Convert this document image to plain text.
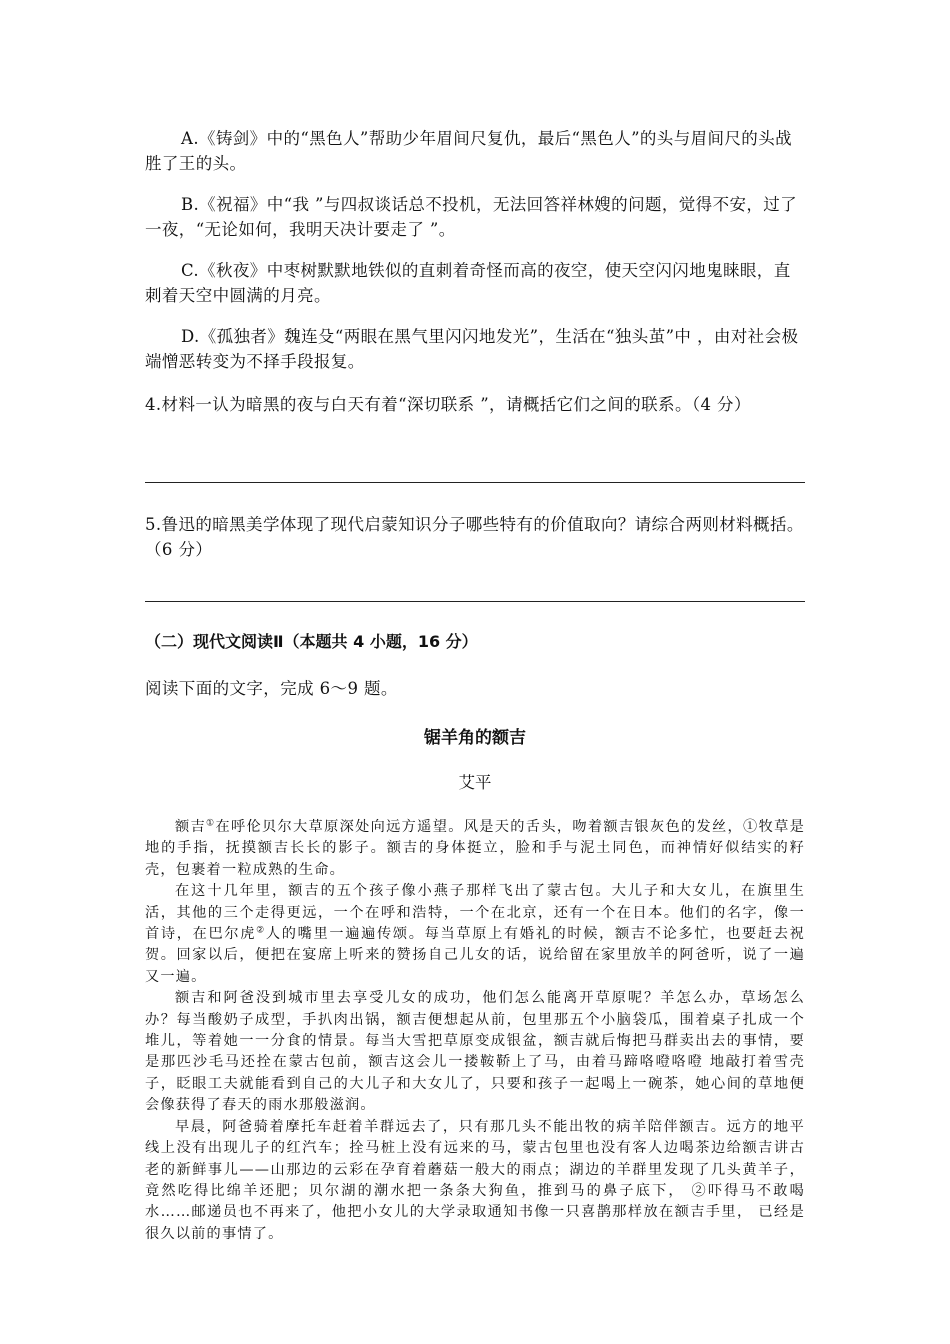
A.《铸剑》中的“黑色人”帮助少年眉间尺复仇，最后“黑色人”的头与眉间尺的头战胜了王的头。
B.《祝福》中“我 ”与四叔谈话总不投机，无法回答祥林嫂的问题，觉得不安，过了一夜，“无论如何，我明天决计要走了 ”。
C.《秋夜》中枣树默默地铁似的直刺着奇怪而高的夜空，使天空闪闪地鬼睐眼，直刺着天空中圆满的月亮。
D.《孤独者》魏连殳“两眼在黑气里闪闪地发光”，生活在“独头茧”中 ，由对社会极端憎恶转变为不择手段报复。
4.材料一认为暗黑的夜与白天有着“深切联系 ”，请概括它们之间的联系。（4 分）
5.鲁迅的暗黑美学体现了现代启蒙知识分子哪些特有的价值取向？请综合两则材料概括。（6 分）
（二）现代文阅读Ⅱ（本题共 4 小题，16 分）
阅读下面的文字，完成 6～9 题。
锯羊角的额吉
艾平

额吉①在呼伦贝尔大草原深处向远方遥望。风是天的舌头，吻着额吉银灰色的发丝，①牧草是地的手指，抚摸额吉长长的影子。额吉的身体挺立，脸和手与泥土同色，而神情好似结实的籽壳，包裹着一粒成熟的生命。

在这十几年里，额吉的五个孩子像小燕子那样飞出了蒙古包。大儿子和大女儿，在旗里生活，其他的三个走得更远，一个在呼和浩特，一个在北京，还有一个在日本。他们的名字，像一首诗，在巴尔虎②人的嘴里一遍遍传颂。每当草原上有婚礼的时候，额吉不论多忙，也要赶去祝贺。回家以后，便把在宴席上听来的赞扬自己儿女的话，说给留在家里放羊的阿爸听，说了一遍又一遍。

额吉和阿爸没到城市里去享受儿女的成功，他们怎么能离开草原呢？羊怎么办，草场怎么办？每当酸奶子成型，手扒肉出锅，额吉便想起从前，包里那五个小脑袋瓜，围着桌子扎成一个堆儿，等着她一一分食的情景。每当大雪把草原变成银盆，额吉就后悔把马群卖出去的事情，要是那匹沙毛马还拴在蒙古包前，额吉这会儿一搂鞍鞒上了马，由着马蹄咯噔咯噔 地敲打着雪壳子，眨眼工夫就能看到自己的大儿子和大女儿了，只要和孩子一起喝上一碗茶，她心间的草地便会像获得了春天的雨水那般滋润。

早晨，阿爸骑着摩托车赶着羊群远去了，只有那几头不能出牧的病羊陪伴额吉。远方的地平线上没有出现儿子的红汽车；拴马桩上没有远来的马，蒙古包里也没有客人边喝茶边给额吉讲古老的新鲜事儿——山那边的云彩在孕育着蘑菇一般大的雨点；湖边的羊群里发现了几头黄羊子，竟然吃得比绵羊还肥；贝尔湖的潮水把一条条大狗鱼，推到马的鼻子底下， ②吓得马不敢喝水……邮递员也不再来了，他把小女儿的大学录取通知书像一只喜鹊那样放在额吉手里， 已经是很久以前的事情了。
